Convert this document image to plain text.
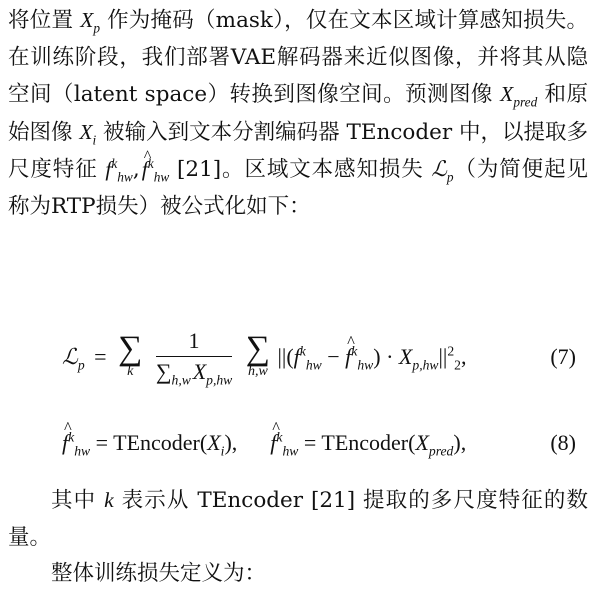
将位置 $X_p$ 作为掩码（mask），仅在文本区域计算感知损失。在训练阶段，我们部署VAE解码器来近似图像，并将其从隐空间（latent space）转换到图像空间。预测图像 $X_{pred}$ 和原始图像 $X_i$ 被输入到文本分割编码器 TEncoder 中，以提取多尺度特征 $f^k_{hw}$, ^ $f^k_{hw}$ [21]。区域文本感知损失 ℒ$_p$（为简便起见称为RTP损失）被公式化如下：

ℒ$_p$ = ∑
k
	$\frac{1}{\sum_{h,w} X_{p,hw}}$
∑
h,w
$||(f^k_{hw}$ − ^ $f^k_{hw}) \cdot X_{p,hw}||^2_2$,	(7)
^ $f^k_{hw}$ = $TEncoder(X_i)$,  ^ $f^k_{hw}$ = $TEncoder(X_{pred})$,	(8)

其中 k 表示从 TEncoder [21] 提取的多尺度特征的数量。

整体训练损失定义为：
